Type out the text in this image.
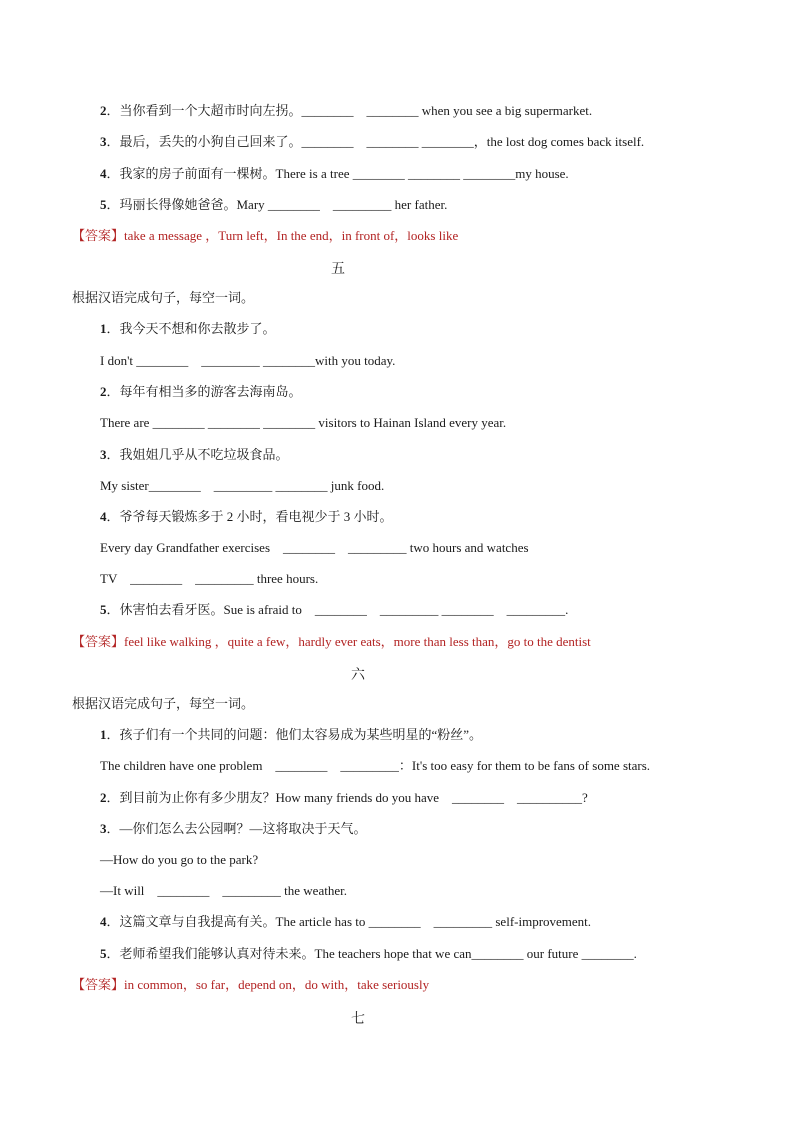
2．当你看到一个大超市时向左拐。________　________ when you see a big supermarket.
3．最后，丢失的小狗自己回来了。________　________ ________，the lost dog comes back itself.
4．我家的房子前面有一棵树。There is a tree ________ ________ ________my house.
5．玛丽长得像她爸爸。Mary ________　_________ her father.
【答案】take a message ，Turn left，In the end，in front of，looks like
五
根据汉语完成句子，每空一词。
1．我今天不想和你去散步了。
I don't ________　_________ ________with you today.
2．每年有相当多的游客去海南岛。
There are ________ ________ ________ visitors to Hainan Island every year.
3．我姐姐几乎从不吃垃圾食品。
My sister________　_________ ________ junk food.
4．爷爷每天锻炼多于 2 小时，看电视少于 3 小时。
Every day Grandfather exercises　________　_________ two hours and watches
TV　________　_________ three hours.
5．休害怕去看牙医。Sue is afraid to　________　_________ ________　_________.
【答案】feel like walking ，quite a few，hardly ever eats，more than less than，go to the dentist
六
根据汉语完成句子，每空一词。
1．孩子们有一个共同的问题：他们太容易成为某些明星的“粉丝”。
The children have one problem　________　_________：It's too easy for them to be fans of some stars.
2．到目前为止你有多少朋友？How many friends do you have　________　__________?
3．—你们怎么去公园啊？—这将取决于天气。
—How do you go to the park?
—It will　________　_________ the weather.
4．这篇文章与自我提高有关。The article has to ________　_________ self-improvement.
5．老师希望我们能够认真对待未来。The teachers hope that we can________ our future ________.
【答案】in common，so far，depend on，do with，take seriously
七
